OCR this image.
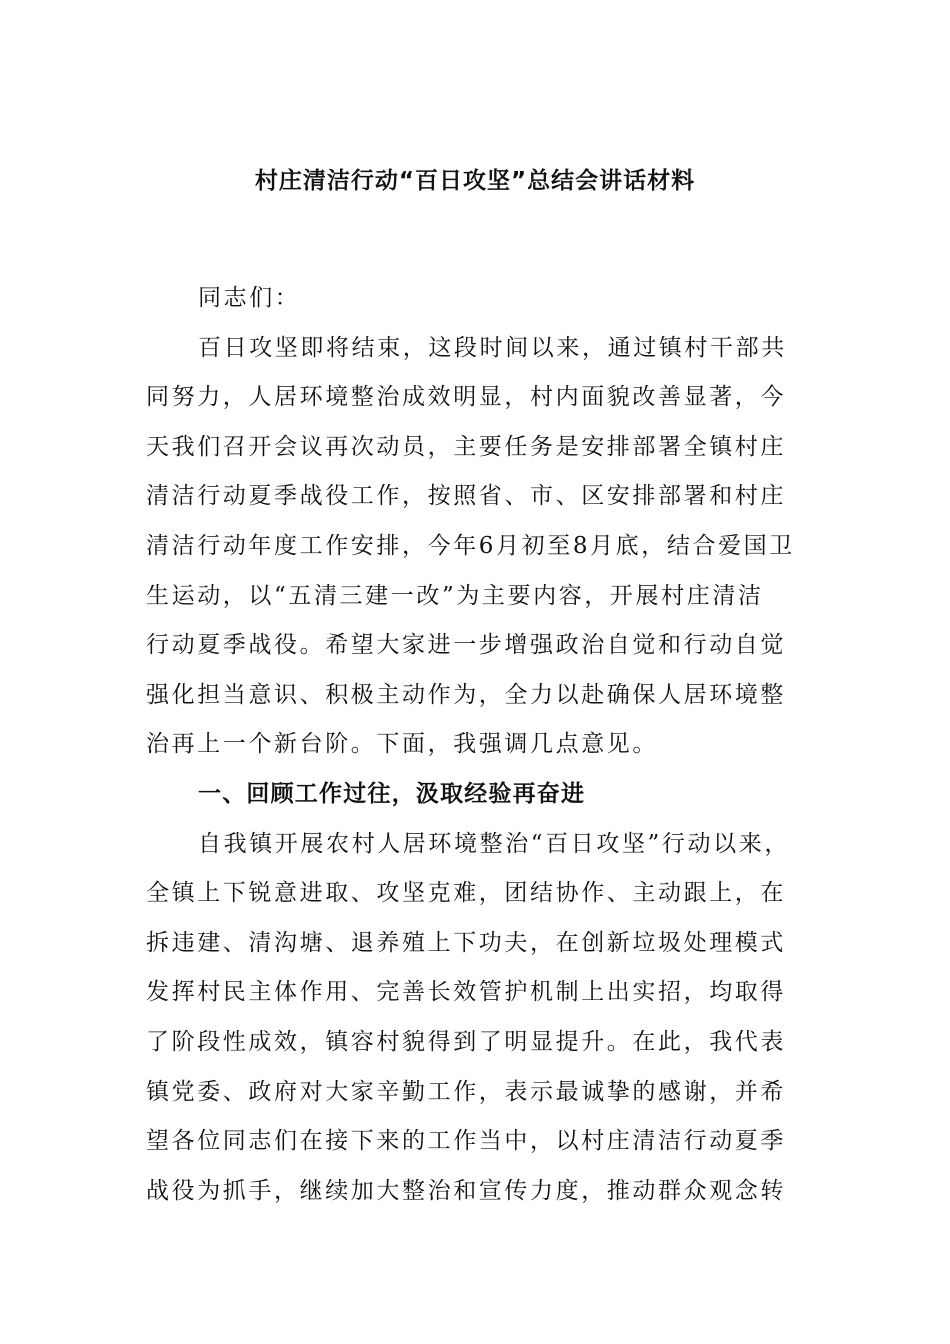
村庄清洁行动“百日攻坚”总结会讲话材料
同志们：
百日攻坚即将结束，这段时间以来，通过镇村干部共
同努力，人居环境整治成效明显，村内面貌改善显著，今
天我们召开会议再次动员，主要任务是安排部署全镇村庄
清洁行动夏季战役工作，按照省、市、区安排部署和村庄
清洁行动年度工作安排，今年6月初至8月底，结合爱国卫
生运动，以“五清三建一改”为主要内容，开展村庄清洁
行动夏季战役。希望大家进一步增强政治自觉和行动自觉
强化担当意识、积极主动作为，全力以赴确保人居环境整
治再上一个新台阶。下面，我强调几点意见。
一、回顾工作过往，汲取经验再奋进
自我镇开展农村人居环境整治“百日攻坚”行动以来，
全镇上下锐意进取、攻坚克难，团结协作、主动跟上，在
拆违建、清沟塘、退养殖上下功夫，在创新垃圾处理模式
发挥村民主体作用、完善长效管护机制上出实招，均取得
了阶段性成效，镇容村貌得到了明显提升。在此，我代表
镇党委、政府对大家辛勤工作，表示最诚挚的感谢，并希
望各位同志们在接下来的工作当中，以村庄清洁行动夏季
战役为抓手，继续加大整治和宣传力度，推动群众观念转
